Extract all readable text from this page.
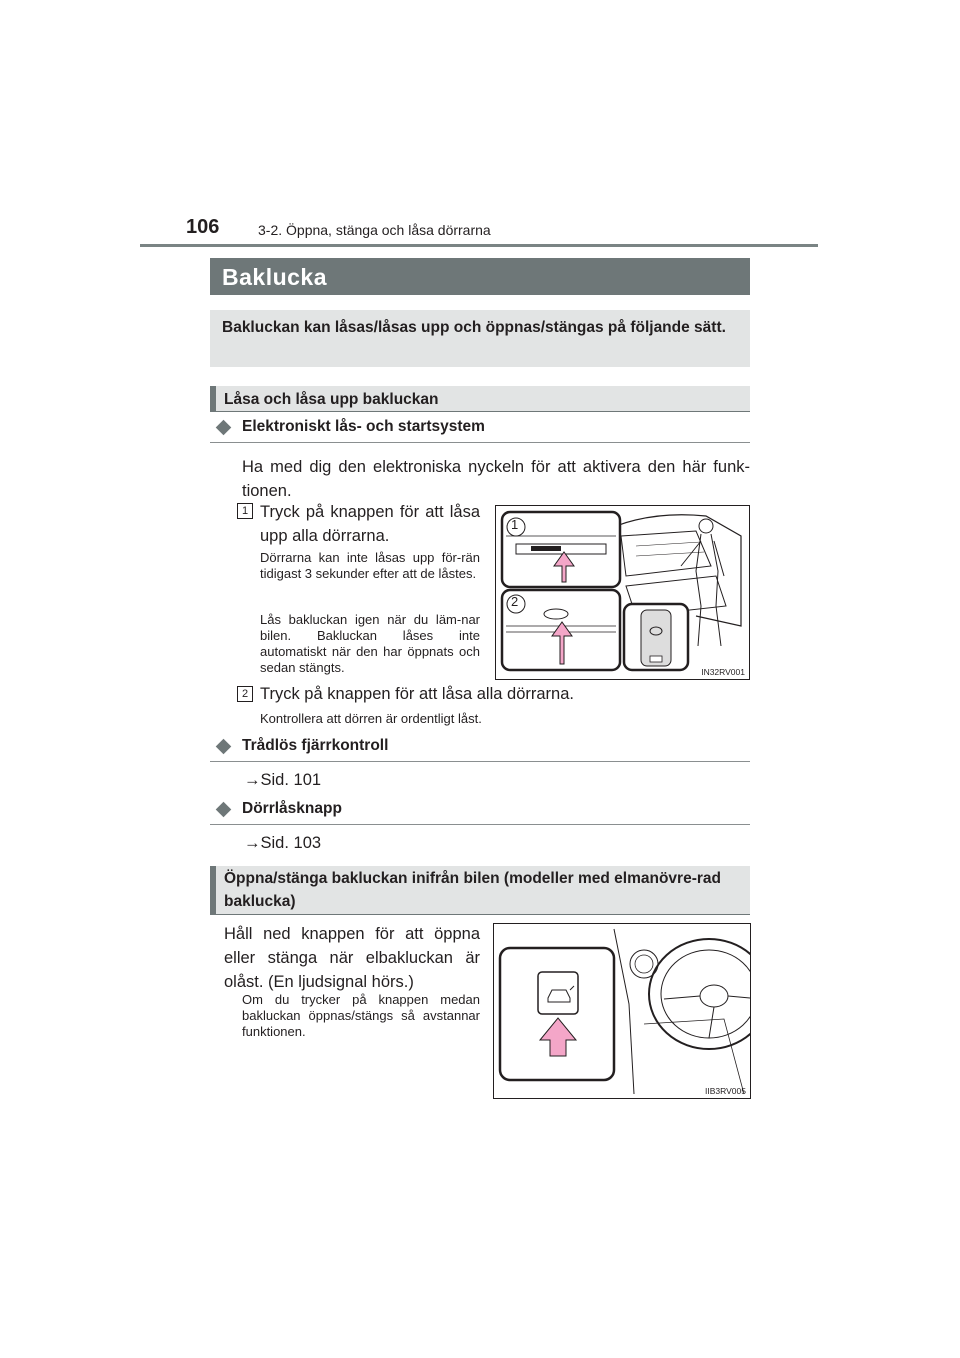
106	3-2. Öppna, stänga och låsa dörrarna
Baklucka
Bakluckan kan låsas/låsas upp och öppnas/stängas på följande sätt.
Låsa och låsa upp bakluckan
Elektroniskt lås- och startsystem
Ha med dig den elektroniska nyckeln för att aktivera den här funk-tionen.
1 Tryck på knappen för att låsa upp alla dörrarna.
Dörrarna kan inte låsas upp för-rän tidigast 3 sekunder efter att de låstes.
Lås bakluckan igen när du läm-nar bilen. Bakluckan låses inte automatiskt när den har öppnats och sedan stängts.
1
2
IN32RV001
2 Tryck på knappen för att låsa alla dörrarna.
Kontrollera att dörren är ordentligt låst.
Trådlös fjärrkontroll
→Sid. 101
Dörrlåsknapp
→Sid. 103
Öppna/stänga bakluckan inifrån bilen (modeller med elmanövre-rad baklucka)
Håll ned knappen för att öppna eller stänga när elbakluckan är olåst. (En ljudsignal hörs.)
Om du trycker på knappen medan bakluckan öppnas/stängs så avstannar funktionen.
IIB3RV005
